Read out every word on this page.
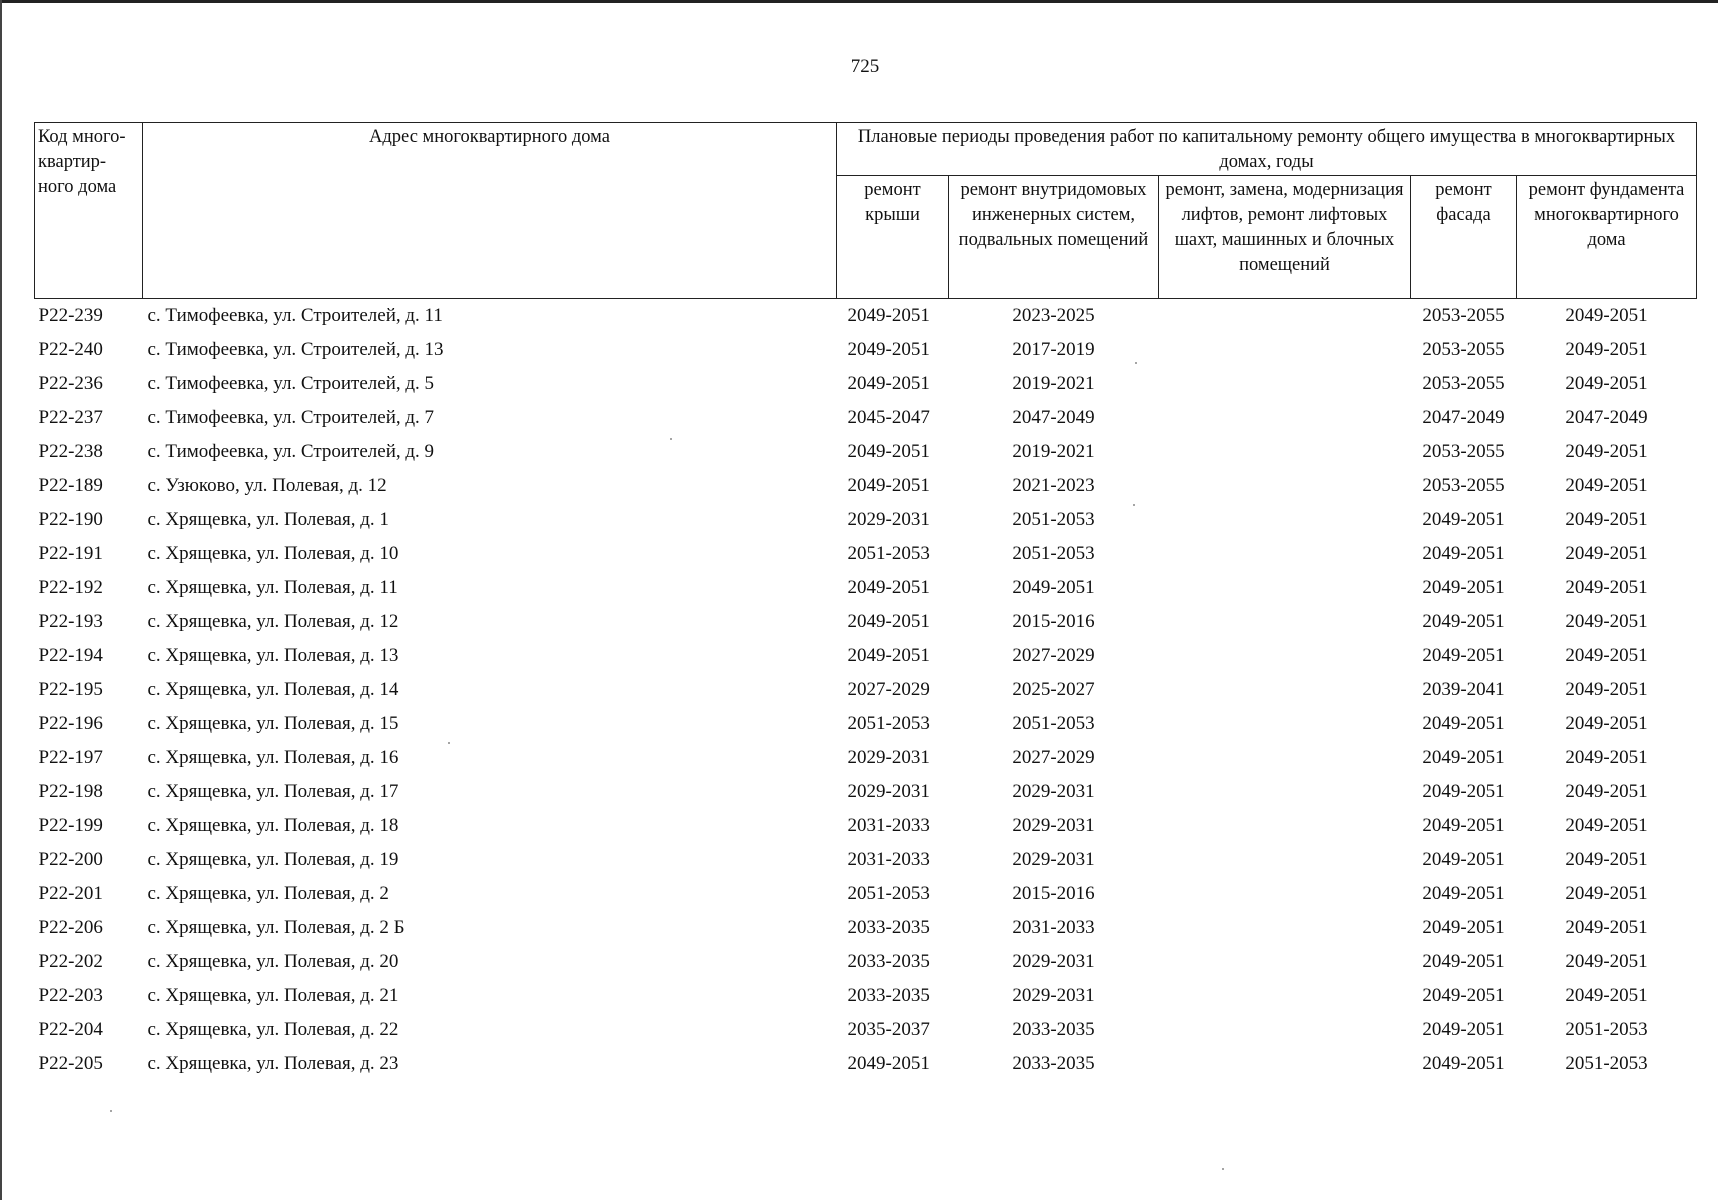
725
Код много-квартир-ного дома	Адрес многоквартирного дома	Плановые периоды проведения работ по капитальному ремонту общего имущества в многоквартирных домах, годы				
		ремонт крыши	ремонт внутридомовых инженерных систем, подвальных помещений	ремонт, замена, модернизация лифтов, ремонт лифтовых шахт, машинных и блочных помещений	ремонт фасада	ремонт фундамента многоквартирного дома
Р22-239	с. Тимофеевка, ул. Строителей, д. 11	2049-2051	2023-2025		2053-2055	2049-2051
Р22-240	с. Тимофеевка, ул. Строителей, д. 13	2049-2051	2017-2019		2053-2055	2049-2051
Р22-236	с. Тимофеевка, ул. Строителей, д. 5	2049-2051	2019-2021		2053-2055	2049-2051
Р22-237	с. Тимофеевка, ул. Строителей, д. 7	2045-2047	2047-2049		2047-2049	2047-2049
Р22-238	с. Тимофеевка, ул. Строителей, д. 9	2049-2051	2019-2021		2053-2055	2049-2051
Р22-189	с. Узюково, ул. Полевая, д. 12	2049-2051	2021-2023		2053-2055	2049-2051
Р22-190	с. Хрящевка, ул. Полевая, д. 1	2029-2031	2051-2053		2049-2051	2049-2051
Р22-191	с. Хрящевка, ул. Полевая, д. 10	2051-2053	2051-2053		2049-2051	2049-2051
Р22-192	с. Хрящевка, ул. Полевая, д. 11	2049-2051	2049-2051		2049-2051	2049-2051
Р22-193	с. Хрящевка, ул. Полевая, д. 12	2049-2051	2015-2016		2049-2051	2049-2051
Р22-194	с. Хрящевка, ул. Полевая, д. 13	2049-2051	2027-2029		2049-2051	2049-2051
Р22-195	с. Хрящевка, ул. Полевая, д. 14	2027-2029	2025-2027		2039-2041	2049-2051
Р22-196	с. Хрящевка, ул. Полевая, д. 15	2051-2053	2051-2053		2049-2051	2049-2051
Р22-197	с. Хрящевка, ул. Полевая, д. 16	2029-2031	2027-2029		2049-2051	2049-2051
Р22-198	с. Хрящевка, ул. Полевая, д. 17	2029-2031	2029-2031		2049-2051	2049-2051
Р22-199	с. Хрящевка, ул. Полевая, д. 18	2031-2033	2029-2031		2049-2051	2049-2051
Р22-200	с. Хрящевка, ул. Полевая, д. 19	2031-2033	2029-2031		2049-2051	2049-2051
Р22-201	с. Хрящевка, ул. Полевая, д. 2	2051-2053	2015-2016		2049-2051	2049-2051
Р22-206	с. Хрящевка, ул. Полевая, д. 2 Б	2033-2035	2031-2033		2049-2051	2049-2051
Р22-202	с. Хрящевка, ул. Полевая, д. 20	2033-2035	2029-2031		2049-2051	2049-2051
Р22-203	с. Хрящевка, ул. Полевая, д. 21	2033-2035	2029-2031		2049-2051	2049-2051
Р22-204	с. Хрящевка, ул. Полевая, д. 22	2035-2037	2033-2035		2049-2051	2051-2053
Р22-205	с. Хрящевка, ул. Полевая, д. 23	2049-2051	2033-2035		2049-2051	2051-2053
